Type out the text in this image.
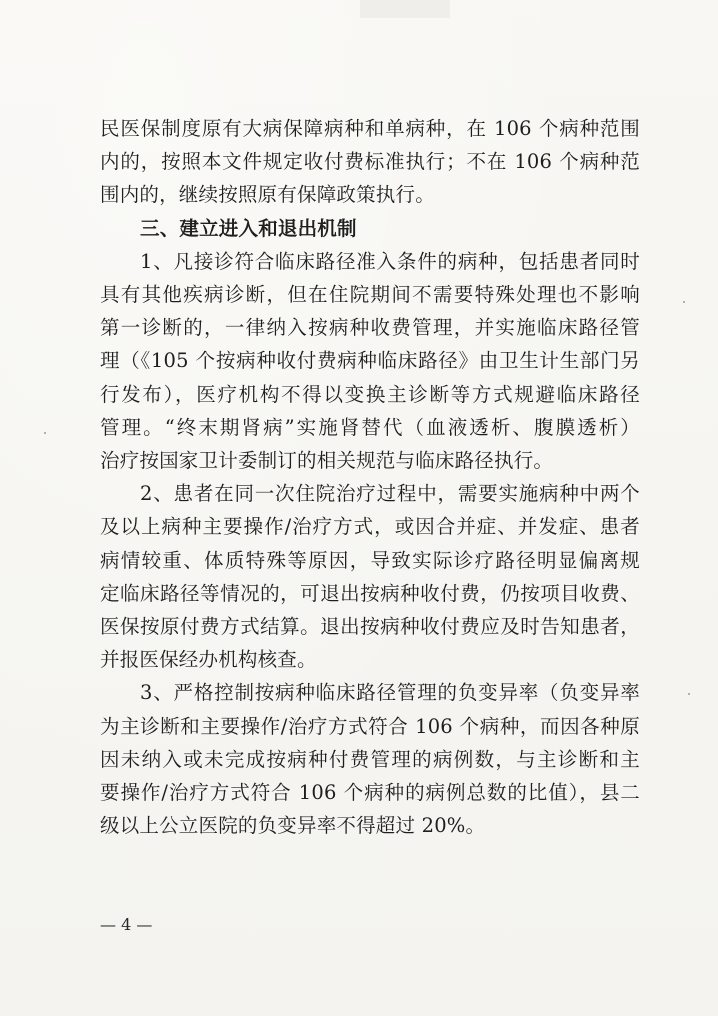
民医保制度原有大病保障病种和单病种，在 106 个病种范围
内的，按照本文件规定收付费标准执行；不在 106 个病种范
围内的，继续按照原有保障政策执行。
三、建立进入和退出机制
1、凡接诊符合临床路径准入条件的病种，包括患者同时
具有其他疾病诊断，但在住院期间不需要特殊处理也不影响
第一诊断的，一律纳入按病种收费管理，并实施临床路径管
理（《105 个按病种收付费病种临床路径》由卫生计生部门另
行发布），医疗机构不得以变换主诊断等方式规避临床路径
管理。“终末期肾病”实施肾替代（血液透析、腹膜透析）
治疗按国家卫计委制订的相关规范与临床路径执行。
2、患者在同一次住院治疗过程中，需要实施病种中两个
及以上病种主要操作/治疗方式，或因合并症、并发症、患者
病情较重、体质特殊等原因，导致实际诊疗路径明显偏离规
定临床路径等情况的，可退出按病种收付费，仍按项目收费、
医保按原付费方式结算。退出按病种收付费应及时告知患者，
并报医保经办机构核查。
3、严格控制按病种临床路径管理的负变异率（负变异率
为主诊断和主要操作/治疗方式符合 106 个病种，而因各种原
因未纳入或未完成按病种付费管理的病例数，与主诊断和主
要操作/治疗方式符合 106 个病种的病例总数的比值），县二
级以上公立医院的负变异率不得超过 20%。
— 4 —
